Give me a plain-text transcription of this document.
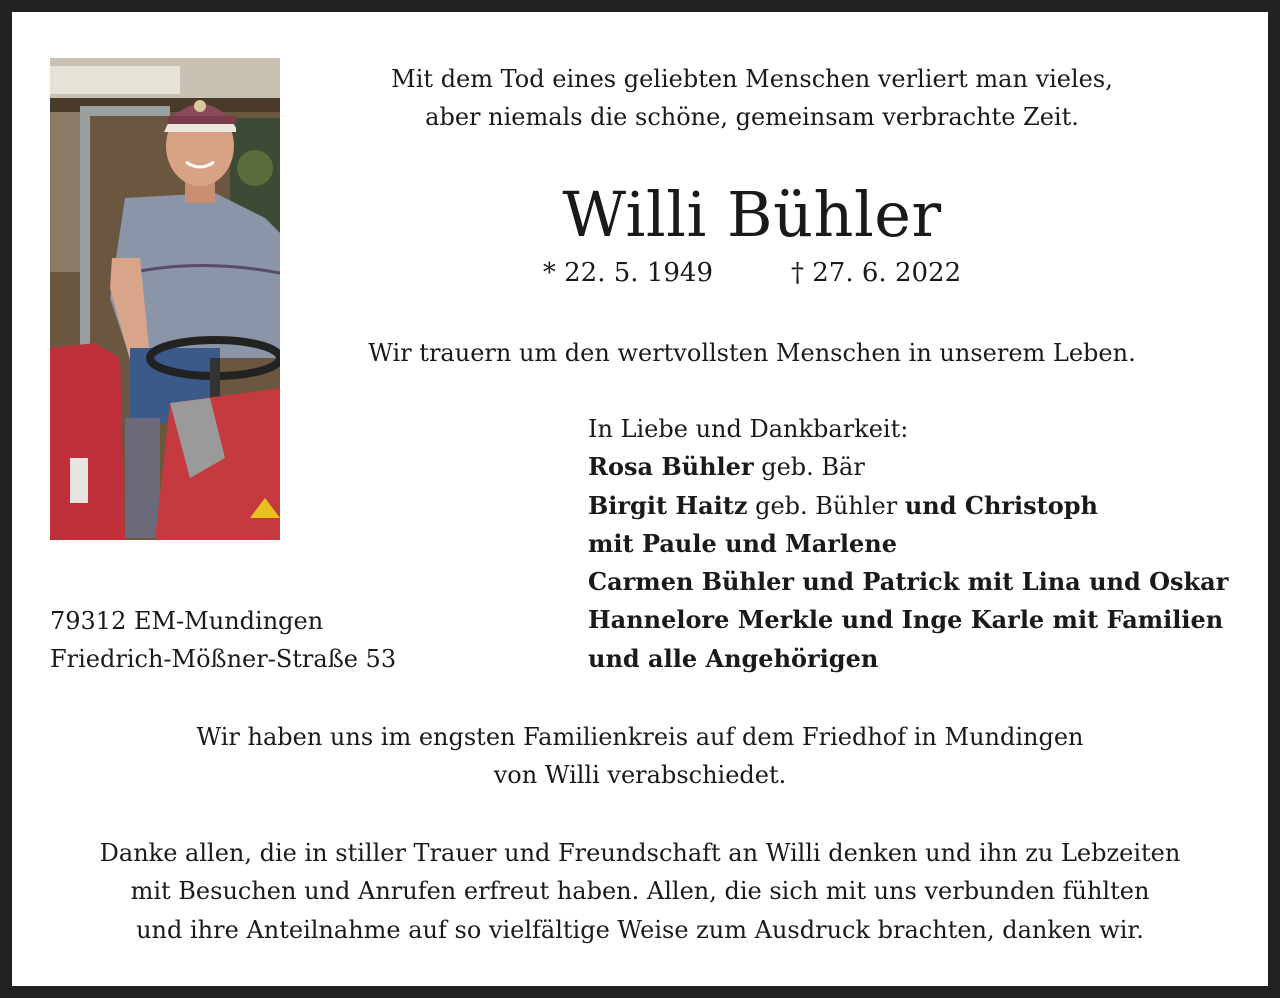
Mit dem Tod eines geliebten Menschen verliert man vieles,
aber niemals die schöne, gemeinsam verbrachte Zeit.
Willi Bühler
* 22. 5. 1949	† 27. 6. 2022
Wir trauern um den wertvollsten Menschen in unserem Leben.
In Liebe und Dankbarkeit:
Rosa Bühler geb. Bär
Birgit Haitz geb. Bühler und Christoph
mit Paule und Marlene
Carmen Bühler und Patrick mit Lina und Oskar
Hannelore Merkle und Inge Karle mit Familien
und alle Angehörigen
79312 EM-Mundingen
Friedrich-Mößner-Straße 53
Wir haben uns im engsten Familienkreis auf dem Friedhof in Mundingen
von Willi verabschiedet.
Danke allen, die in stiller Trauer und Freundschaft an Willi denken und ihn zu Lebzeiten
mit Besuchen und Anrufen erfreut haben. Allen, die sich mit uns verbunden fühlten
und ihre Anteilnahme auf so vielfältige Weise zum Ausdruck brachten, danken wir.
